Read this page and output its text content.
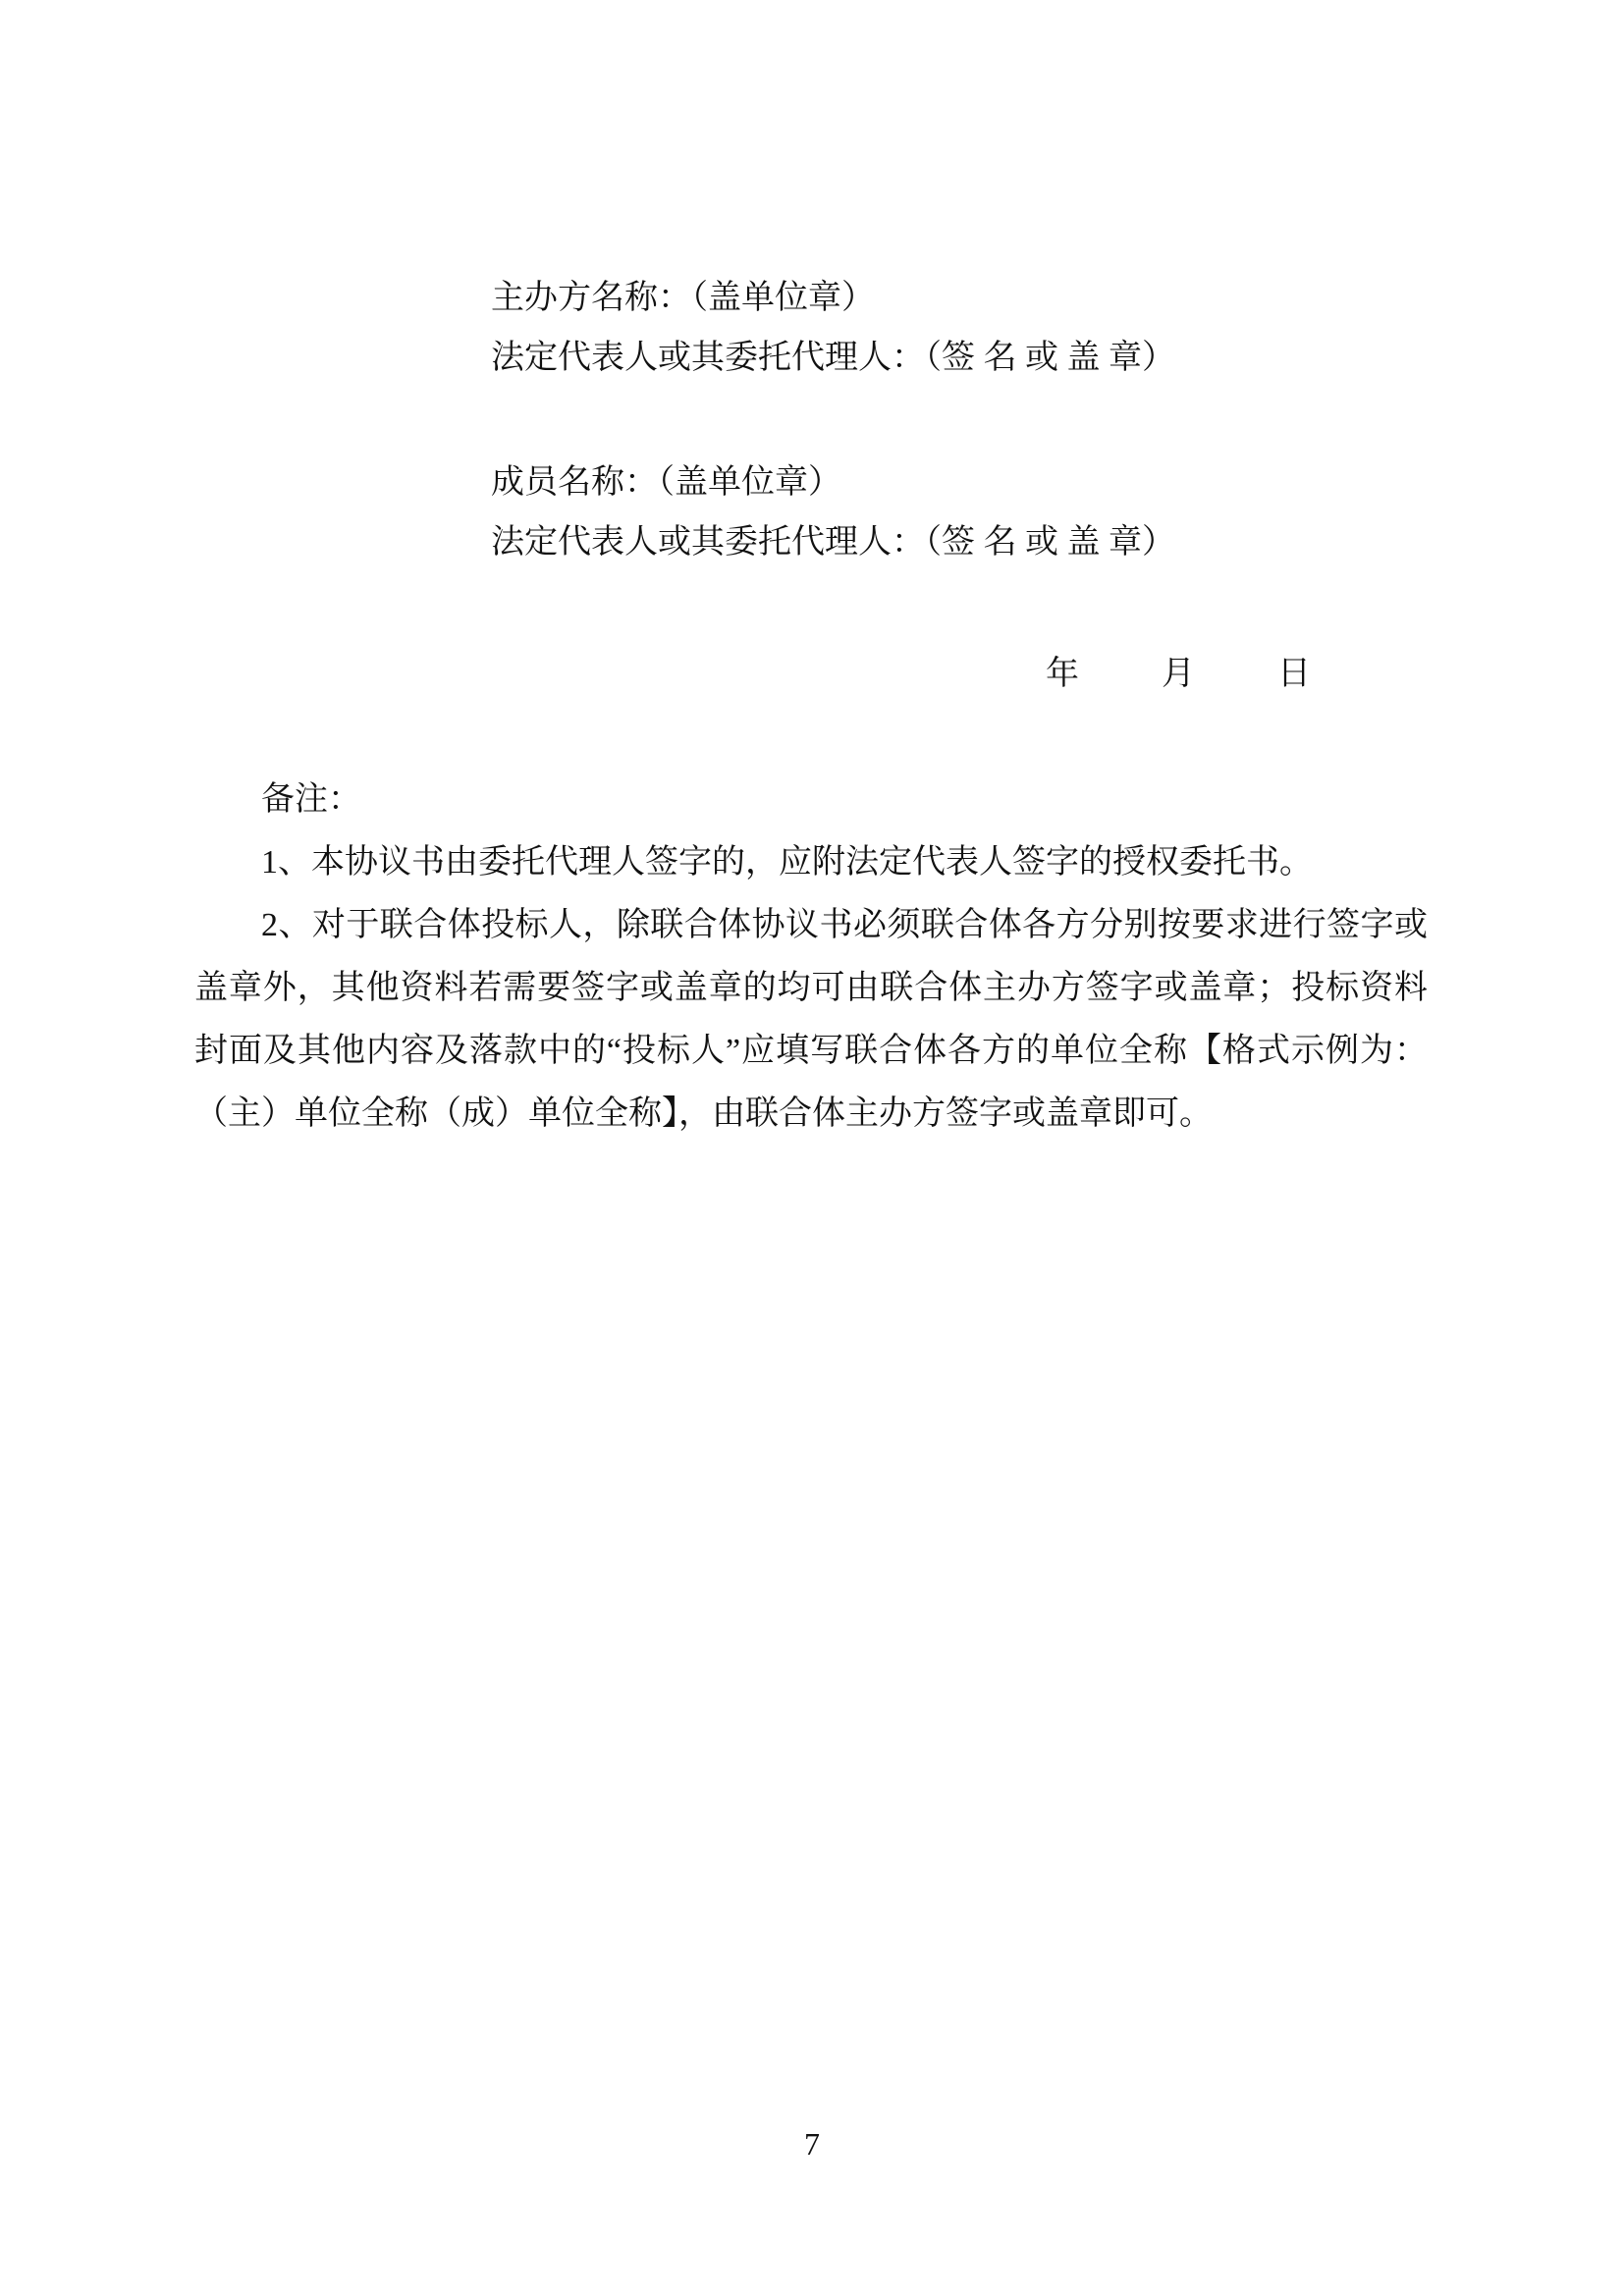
主办方名称：（盖单位章）

法定代表人或其委托代理人：（签 名 或 盖 章）

成员名称：（盖单位章）

法定代表人或其委托代理人：（签 名 或 盖 章）

年 月 日

备注：

1、本协议书由委托代理人签字的，应附法定代表人签字的授权委托书。

2、对于联合体投标人，除联合体协议书必须联合体各方分别按要求进行签字或盖章外，其他资料若需要签字或盖章的均可由联合体主办方签字或盖章；投标资料封面及其他内容及落款中的“投标人”应填写联合体各方的单位全称【格式示例为：（主）单位全称（成）单位全称】，由联合体主办方签字或盖章即可。

7
